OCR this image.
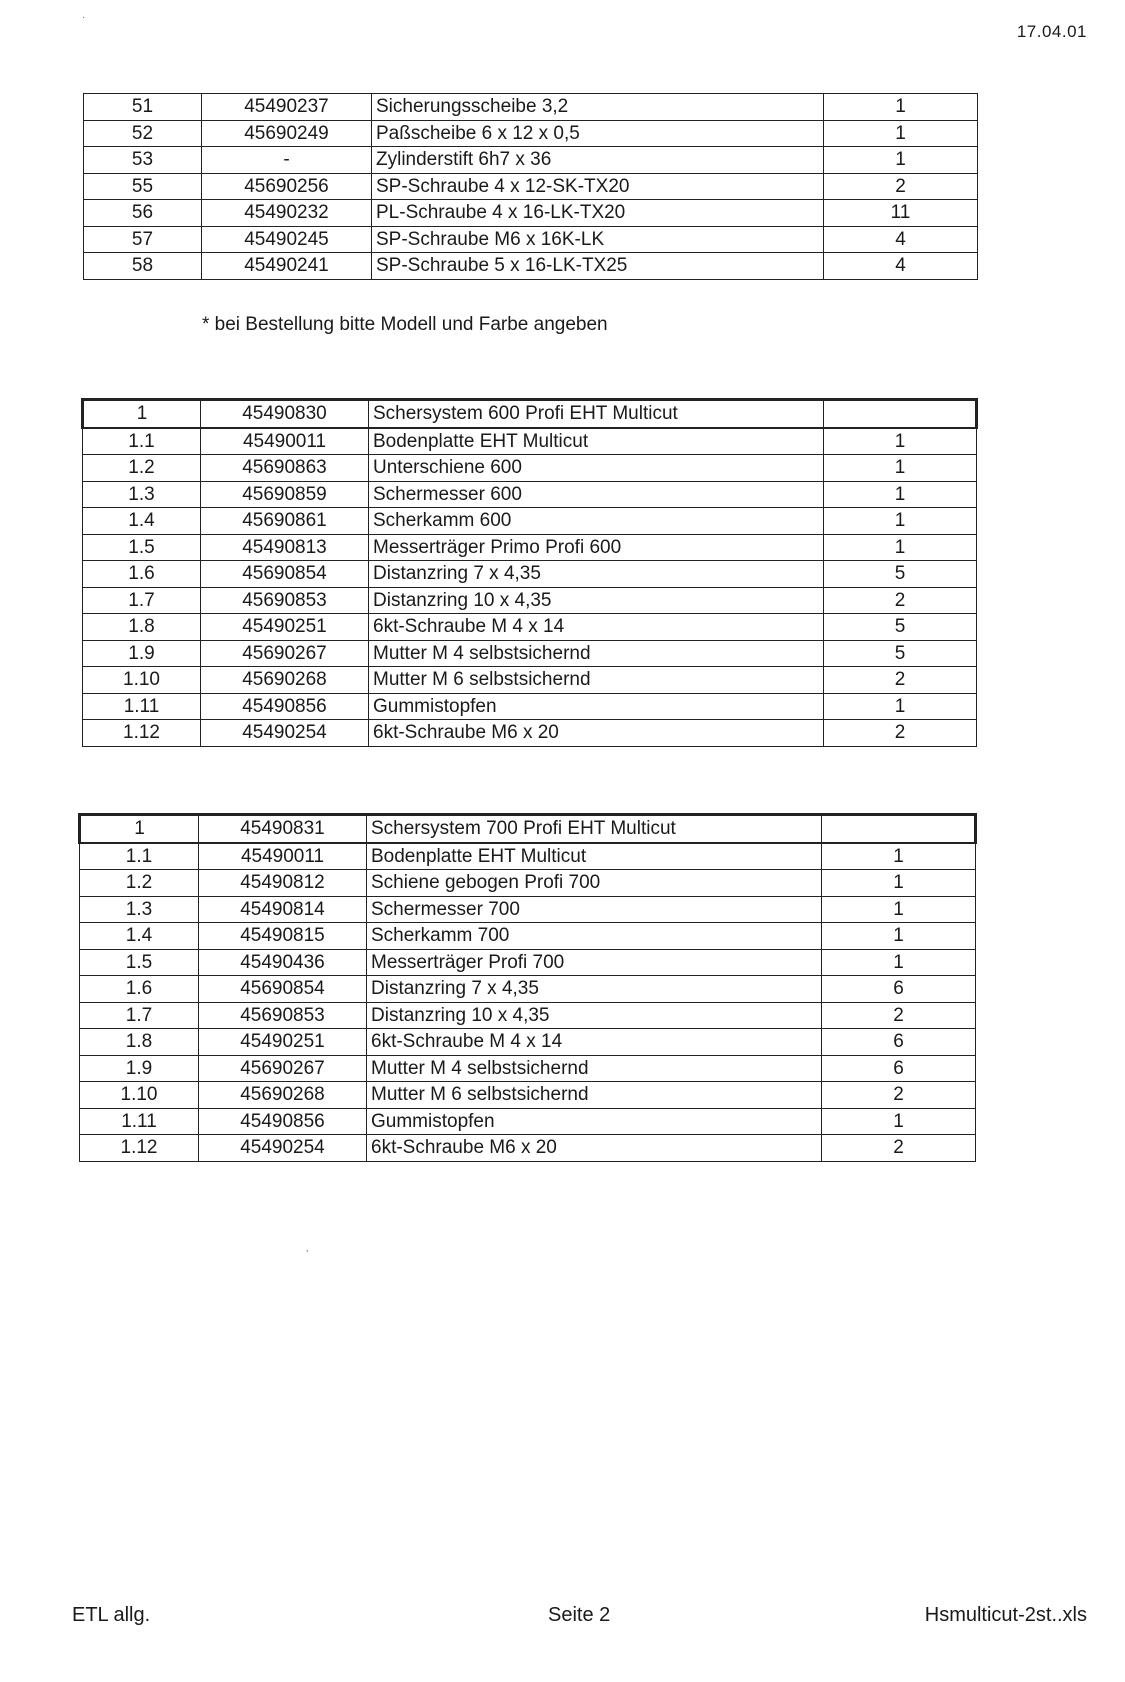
·
17.04.01
51	45490237	Sicherungsscheibe 3,2	1
52	45690249	Paßscheibe 6 x 12 x 0,5	1
53	-	Zylinderstift 6h7 x 36	1
55	45690256	SP-Schraube 4 x 12-SK-TX20	2
56	45490232	PL-Schraube 4 x 16-LK-TX20	11
57	45490245	SP-Schraube M6 x 16K-LK	4
58	45490241	SP-Schraube 5 x 16-LK-TX25	4
* bei Bestellung bitte Modell und Farbe angeben
1	45490830	Schersystem 600 Profi EHT Multicut	
1.1	45490011	Bodenplatte EHT Multicut	1
1.2	45690863	Unterschiene 600	1
1.3	45690859	Schermesser 600	1
1.4	45690861	Scherkamm 600	1
1.5	45490813	Messerträger Primo Profi 600	1
1.6	45690854	Distanzring 7 x 4,35	5
1.7	45690853	Distanzring 10 x 4,35	2
1.8	45490251	6kt-Schraube M 4 x 14	5
1.9	45690267	Mutter M 4 selbstsichernd	5
1.10	45690268	Mutter M 6 selbstsichernd	2
1.11	45490856	Gummistopfen	1
1.12	45490254	6kt-Schraube M6 x 20	2
1	45490831	Schersystem 700 Profi EHT Multicut	
1.1	45490011	Bodenplatte EHT Multicut	1
1.2	45490812	Schiene gebogen Profi 700	1
1.3	45490814	Schermesser 700	1
1.4	45490815	Scherkamm 700	1
1.5	45490436	Messerträger Profi 700	1
1.6	45690854	Distanzring 7 x 4,35	6
1.7	45690853	Distanzring 10 x 4,35	2
1.8	45490251	6kt-Schraube M 4 x 14	6
1.9	45690267	Mutter M 4 selbstsichernd	6
1.10	45690268	Mutter M 6 selbstsichernd	2
1.11	45490856	Gummistopfen	1
1.12	45490254	6kt-Schraube M6 x 20	2
‚
ETL allg.	Seite 2	Hsmulticut-2st..xls
